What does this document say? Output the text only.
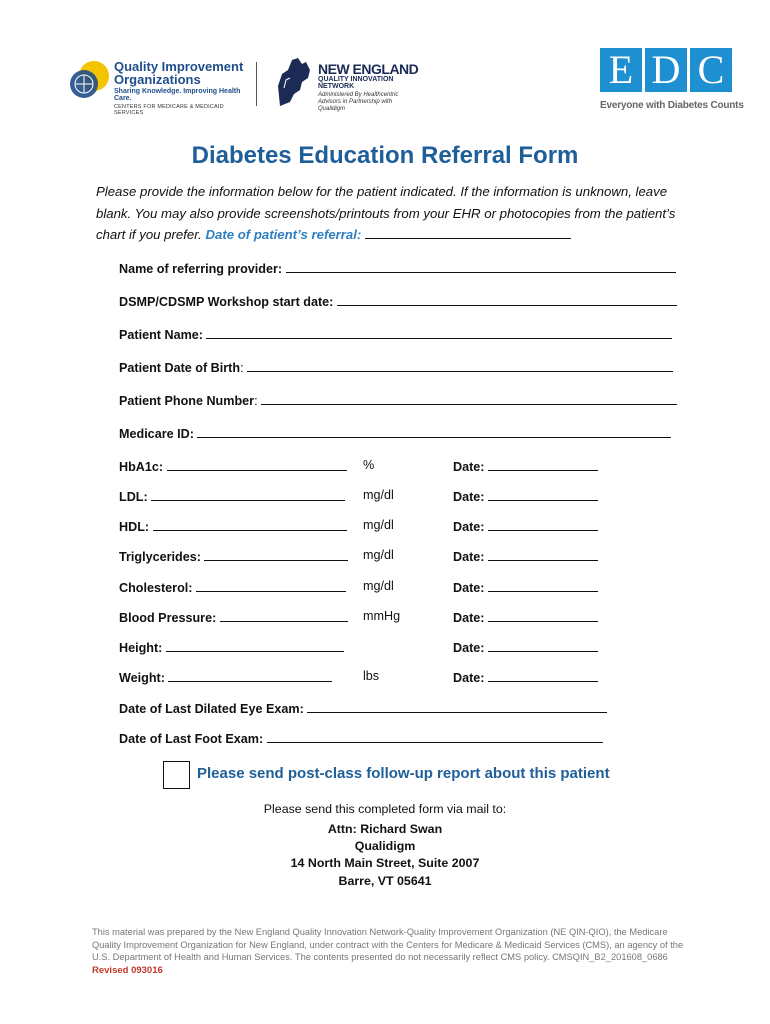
Quality Improvement Organizations
Sharing Knowledge. Improving Health Care.
CENTERS FOR MEDICARE & MEDICAID SERVICES
NEW ENGLAND
QUALITY INNOVATION NETWORK
Administered By Healthcentric Advisors in Partnership with Qualidigm
E D C
Everyone with Diabetes Counts
Diabetes Education Referral Form
Please provide the information below for the patient indicated. If the information is unknown, leave blank. You may also provide screenshots/printouts from your EHR or photocopies from the patient’s chart if you prefer. Date of patient’s referral:
Name of referring provider:
DSMP/CDSMP Workshop start date:
Patient Name:
Patient Date of Birth:
Patient Phone Number:
Medicare ID:
HbA1c:	%	Date:
LDL:	mg/dl	Date:
HDL:	mg/dl	Date:
Triglycerides:	mg/dl	Date:
Cholesterol:	mg/dl	Date:
Blood Pressure:	mmHg	Date:
Height:	Date:
Weight:	lbs	Date:
Date of Last Dilated Eye Exam:
Date of Last Foot Exam:
Please send post-class follow-up report about this patient
Please send this completed form via mail to:
Attn: Richard Swan
Qualidigm
14 North Main Street, Suite 2007
Barre, VT 05641
This material was prepared by the New England Quality Innovation Network-Quality Improvement Organization (NE QIN-QIO), the Medicare Quality Improvement Organization for New England, under contract with the Centers for Medicare & Medicaid Services (CMS), an agency of the U.S. Department of Health and Human Services. The contents presented do not necessarily reflect CMS policy. CMSQIN_B2_201608_0686
Revised 093016
